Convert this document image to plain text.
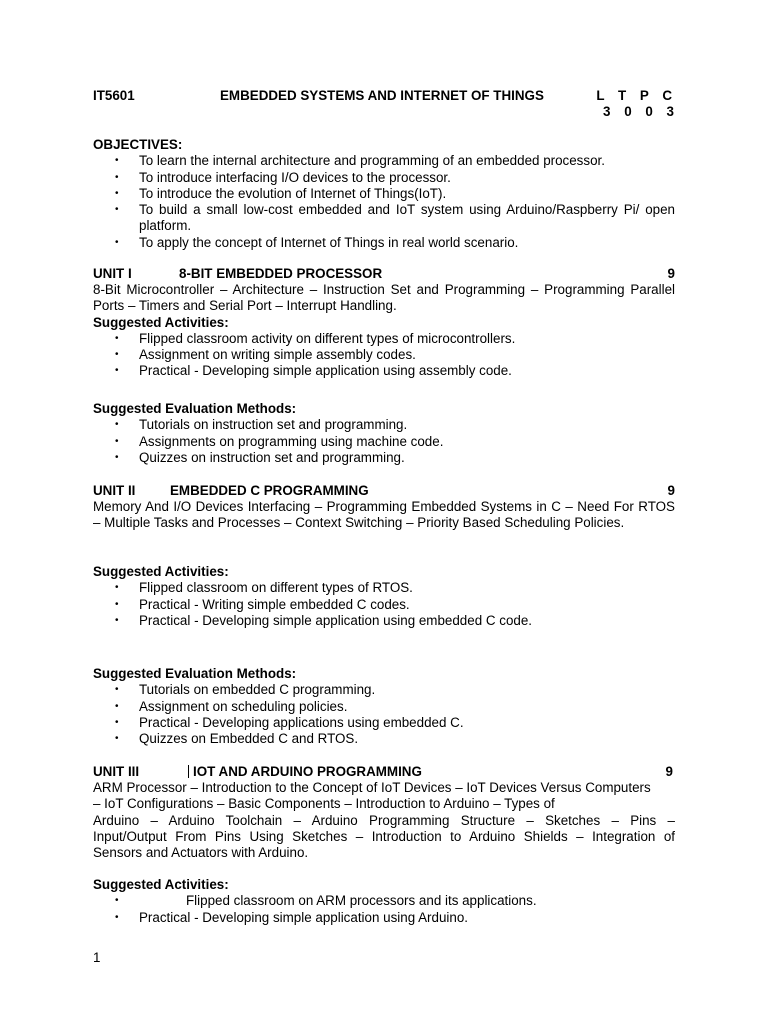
IT5601	EMBEDDED SYSTEMS AND INTERNET OF THINGS	L T P C
3 0 0 3
OBJECTIVES:
• To learn the internal architecture and programming of an embedded processor.
• To introduce interfacing I/O devices to the processor.
• To introduce the evolution of Internet of Things(IoT).
• To build a small low-cost embedded and IoT system using Arduino/Raspberry Pi/ open platform.
• To apply the concept of Internet of Things in real world scenario.
UNIT I	8-BIT EMBEDDED PROCESSOR	9
8-Bit Microcontroller – Architecture – Instruction Set and Programming – Programming Parallel Ports – Timers and Serial Port – Interrupt Handling.
Suggested Activities:
• Flipped classroom activity on different types of microcontrollers.
• Assignment on writing simple assembly codes.
• Practical - Developing simple application using assembly code.
Suggested Evaluation Methods:
• Tutorials on instruction set and programming.
• Assignments on programming using machine code.
• Quizzes on instruction set and programming.
UNIT II	EMBEDDED C PROGRAMMING	9
Memory And I/O Devices Interfacing – Programming Embedded Systems in C – Need For RTOS – Multiple Tasks and Processes – Context Switching – Priority Based Scheduling Policies.
Suggested Activities:
• Flipped classroom on different types of RTOS.
• Practical - Writing simple embedded C codes.
• Practical - Developing simple application using embedded C code.
Suggested Evaluation Methods:
• Tutorials on embedded C programming.
• Assignment on scheduling policies.
• Practical - Developing applications using embedded C.
• Quizzes on Embedded C and RTOS.
UNIT III	IOT AND ARDUINO PROGRAMMING	9
ARM Processor – Introduction to the Concept of IoT Devices – IoT Devices Versus Computers
– IoT Configurations – Basic Components – Introduction to Arduino – Types of
Arduino – Arduino Toolchain – Arduino Programming Structure – Sketches – Pins –
Input/Output From Pins Using Sketches – Introduction to Arduino Shields – Integration of
Sensors and Actuators with Arduino.
Suggested Activities:
• Flipped classroom on ARM processors and its applications.
• Practical - Developing simple application using Arduino.
1
